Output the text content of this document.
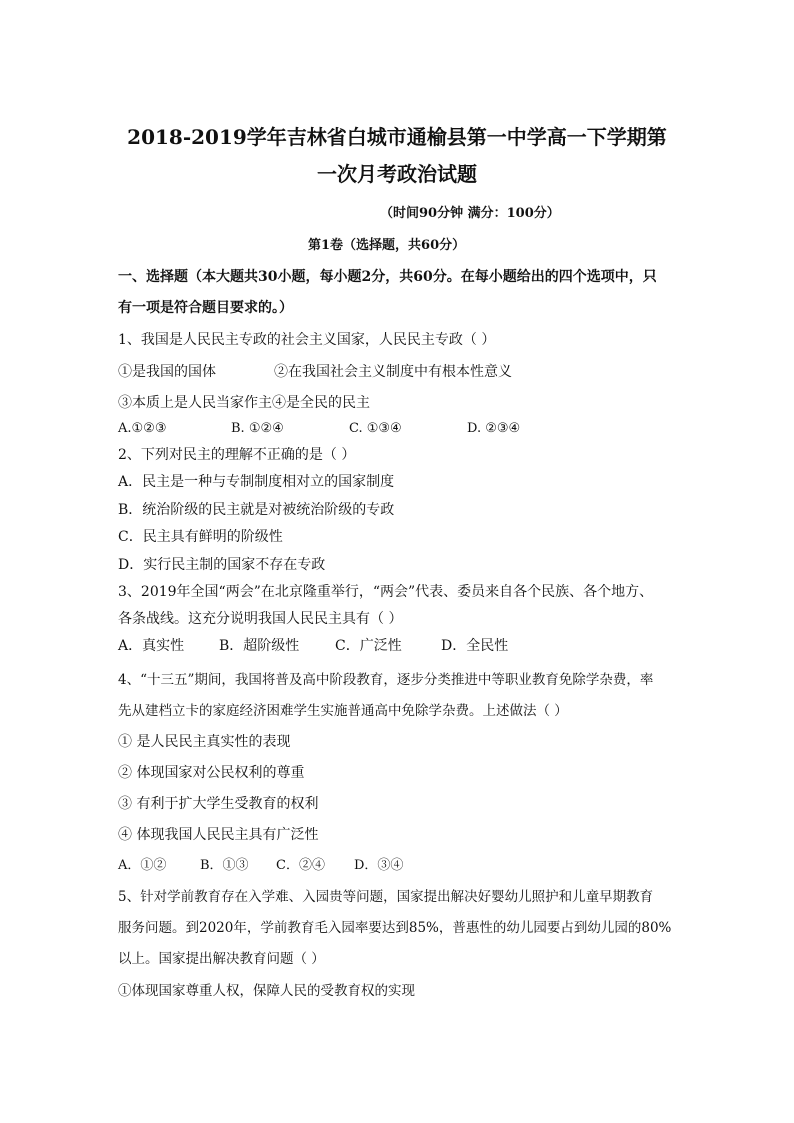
2018-2019学年吉林省白城市通榆县第一中学高一下学期第
一次月考政治试题
（时间90分钟 满分：100分）
第1卷（选择题，共60分）
一、选择题（本大题共30小题，每小题2分，共60分。在每小题给出的四个选项中，只
有一项是符合题目要求的。）
1、我国是人民民主专政的社会主义国家，人民民主专政（ ）
①是我国的国体	②在我国社会主义制度中有根本性意义
③本质上是人民当家作主④是全民的民主
A.①②③	B. ①②④	C. ①③④	D. ②③④
2、下列对民主的理解不正确的是（ ）
A．民主是一种与专制制度相对立的国家制度
B．统治阶级的民主就是对被统治阶级的专政
C．民主具有鲜明的阶级性
D．实行民主制的国家不存在专政
3、2019年全国“两会”在北京隆重举行，“两会”代表、委员来自各个民族、各个地方、
各条战线。这充分说明我国人民民主具有（ ）
A．真实性 B．超阶级性	C．广泛性	D．全民性
4、“十三五”期间，我国将普及高中阶段教育，逐步分类推进中等职业教育免除学杂费，率
先从建档立卡的家庭经济困难学生实施普通高中免除学杂费。上述做法（ ）
① 是人民民主真实性的表现
② 体现国家对公民权利的尊重
③ 有利于扩大学生受教育的权利
④ 体现我国人民民主具有广泛性
A．①②	B．①③ C．②④ D．③④
5、针对学前教育存在入学难、入园贵等问题，国家提出解决好婴幼儿照护和儿童早期教育
服务问题。到2020年，学前教育毛入园率要达到85%，普惠性的幼儿园要占到幼儿园的80%
以上。国家提出解决教育问题（ ）
①体现国家尊重人权，保障人民的受教育权的实现
